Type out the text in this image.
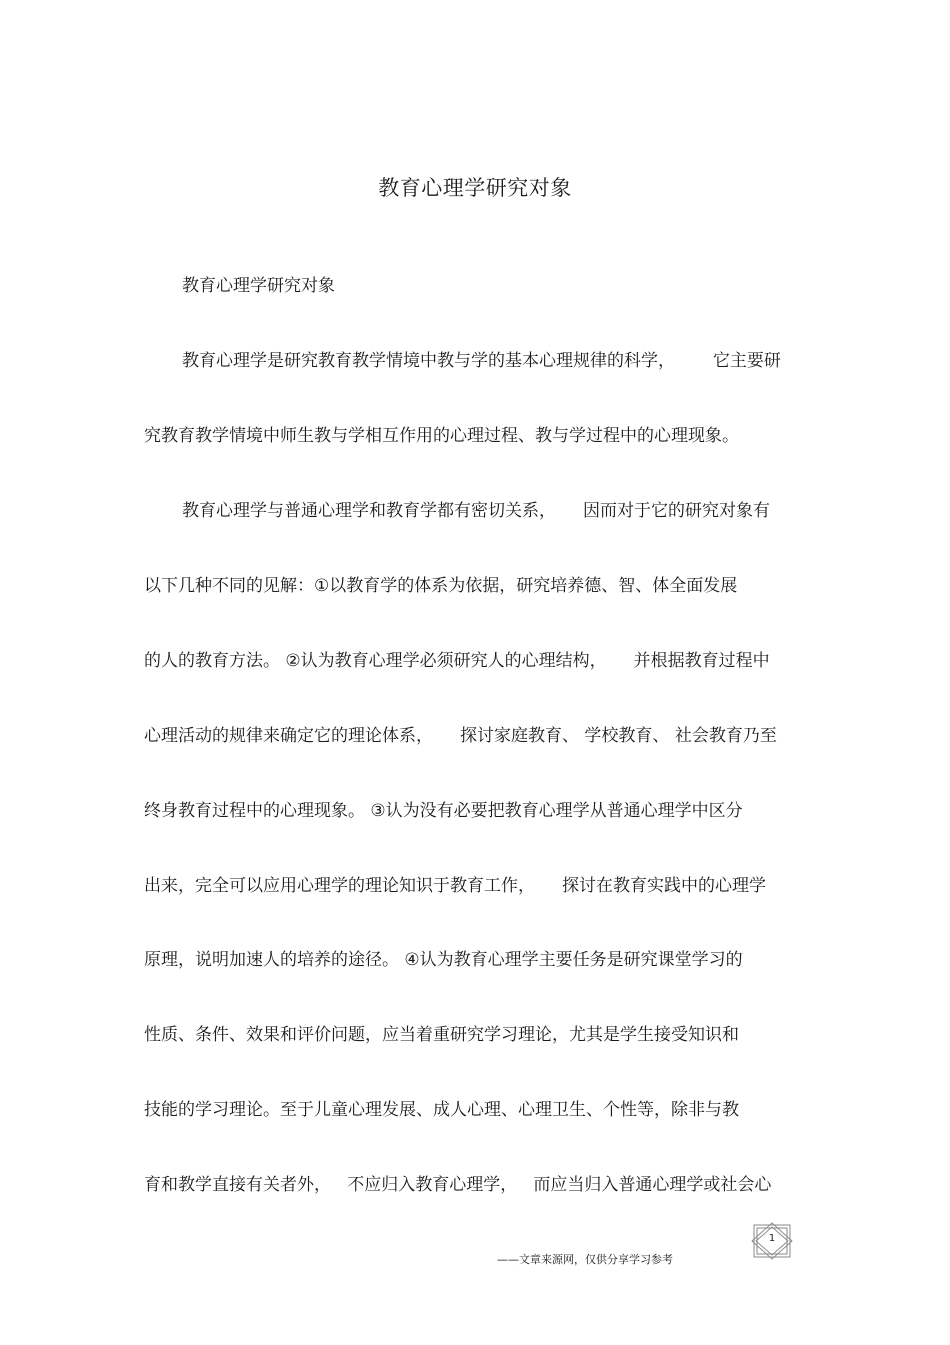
教育心理学研究对象
教育心理学研究对象
教育心理学是研究教育教学情境中教与学的基本心理规律的科学，       它主要研
究教育教学情境中师生教与学相互作用的心理过程、教与学过程中的心理现象。
教育心理学与普通心理学和教育学都有密切关系，     因而对于它的研究对象有
以下几种不同的见解：①以教育学的体系为依据，研究培养德、智、体全面发展
的人的教育方法。 ②认为教育心理学必须研究人的心理结构，     并根据教育过程中
心理活动的规律来确定它的理论体系，     探讨家庭教育、 学校教育、 社会教育乃至
终身教育过程中的心理现象。 ③认为没有必要把教育心理学从普通心理学中区分
出来，完全可以应用心理学的理论知识于教育工作，     探讨在教育实践中的心理学
原理，说明加速人的培养的途径。 ④认为教育心理学主要任务是研究课堂学习的
性质、条件、效果和评价问题，应当着重研究学习理论，尤其是学生接受知识和
技能的学习理论。至于儿童心理发展、成人心理、心理卫生、个性等，除非与教
育和教学直接有关者外，   不应归入教育心理学，   而应当归入普通心理学或社会心
——文章来源网，仅供分享学习参考
1
